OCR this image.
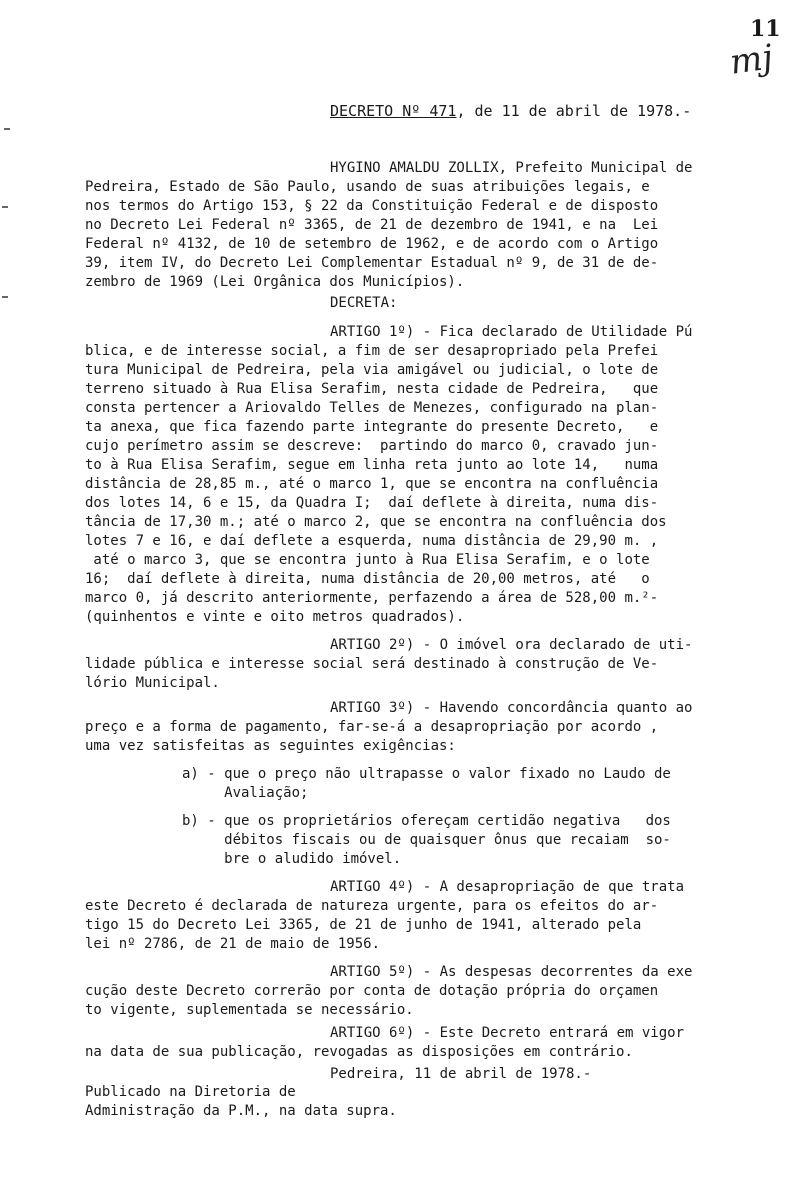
11
mj
DECRETO Nº 471, de 11 de abril de 1978.-
HYGINO AMALDU ZOLLIX, Prefeito Municipal de
Pedreira, Estado de São Paulo, usando de suas atribuições legais, e
nos termos do Artigo 153, § 22 da Constituição Federal e de disposto
no Decreto Lei Federal nº 3365, de 21 de dezembro de 1941, e na  Lei
Federal nº 4132, de 10 de setembro de 1962, e de acordo com o Artigo
39, item IV, do Decreto Lei Complementar Estadual nº 9, de 31 de de-
zembro de 1969 (Lei Orgânica dos Municípios).
DECRETA:
ARTIGO 1º) - Fica declarado de Utilidade Pú
blica, e de interesse social, a fim de ser desapropriado pela Prefei
tura Municipal de Pedreira, pela via amigável ou judicial, o lote de
terreno situado à Rua Elisa Serafim, nesta cidade de Pedreira,   que
consta pertencer a Ariovaldo Telles de Menezes, configurado na plan-
ta anexa, que fica fazendo parte integrante do presente Decreto,   e
cujo perímetro assim se descreve:  partindo do marco 0, cravado jun-
to à Rua Elisa Serafim, segue em linha reta junto ao lote 14,   numa
distância de 28,85 m., até o marco 1, que se encontra na confluência
dos lotes 14, 6 e 15, da Quadra I;  daí deflete à direita, numa dis-
tância de 17,30 m.; até o marco 2, que se encontra na confluência dos
lotes 7 e 16, e daí deflete a esquerda, numa distância de 29,90 m. ,
até o marco 3, que se encontra junto à Rua Elisa Serafim, e o lote
16;  daí deflete à direita, numa distância de 20,00 metros, até   o
marco 0, já descrito anteriormente, perfazendo a área de 528,00 m.²-
(quinhentos e vinte e oito metros quadrados).
ARTIGO 2º) - O imóvel ora declarado de uti-
lidade pública e interesse social será destinado à construção de Ve-
lório Municipal.
ARTIGO 3º) - Havendo concordância quanto ao
preço e a forma de pagamento, far-se-á a desapropriação por acordo ,
uma vez satisfeitas as seguintes exigências:
a) - que o preço não ultrapasse o valor fixado no Laudo de
Avaliação;
b) - que os proprietários ofereçam certidão negativa   dos
débitos fiscais ou de quaisquer ônus que recaiam  so-
bre o aludido imóvel.
ARTIGO 4º) - A desapropriação de que trata
este Decreto é declarada de natureza urgente, para os efeitos do ar-
tigo 15 do Decreto Lei 3365, de 21 de junho de 1941, alterado pela
lei nº 2786, de 21 de maio de 1956.
ARTIGO 5º) - As despesas decorrentes da exe
cução deste Decreto correrão por conta de dotação própria do orçamen
to vigente, suplementada se necessário.
ARTIGO 6º) - Este Decreto entrará em vigor
na data de sua publicação, revogadas as disposições em contrário.
Pedreira, 11 de abril de 1978.-
Publicado na Diretoria de
Administração da P.M., na data supra.
